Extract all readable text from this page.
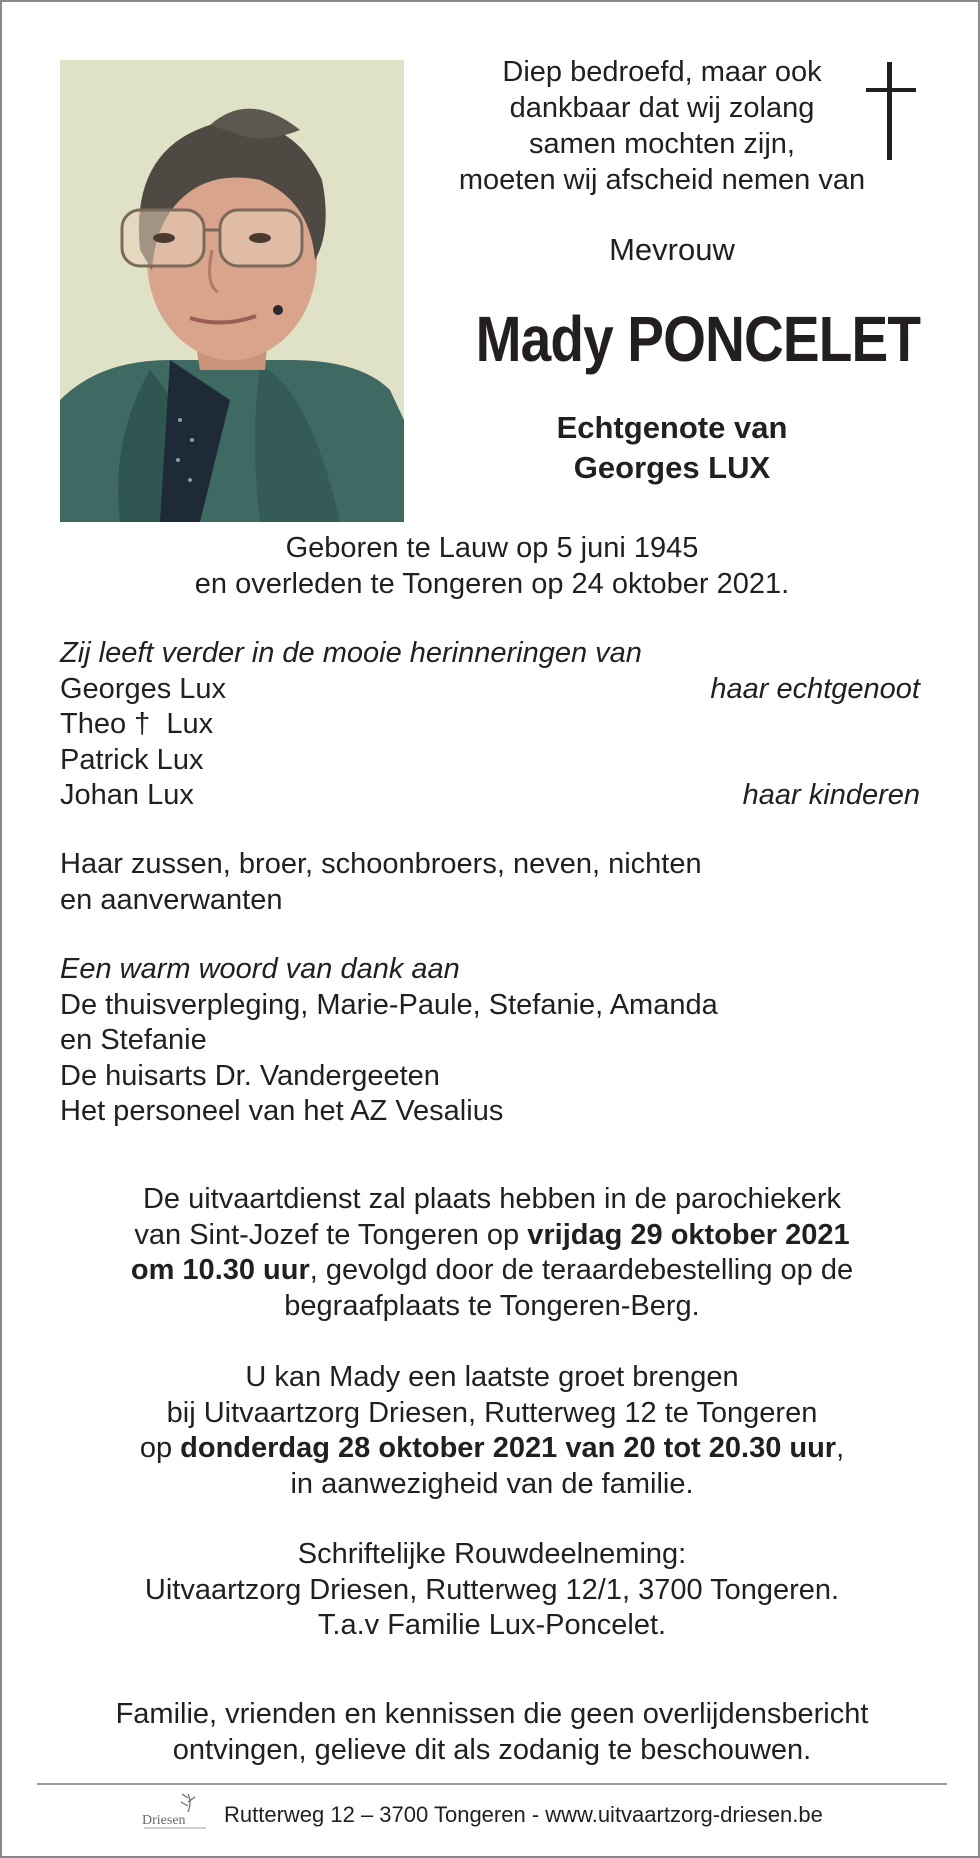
Diep bedroefd, maar ook
dankbaar dat wij zolang
samen mochten zijn,
moeten wij afscheid nemen van
Mevrouw
Mady PONCELET
Echtgenote van
Georges LUX
Geboren te Lauw op 5 juni 1945
en overleden te Tongeren op 24 oktober 2021.
Zij leeft verder in de mooie herinneringen van
Georges Lux	haar echtgenoot
Theo †  Lux
Patrick Lux
Johan Lux	haar kinderen
Haar zussen, broer, schoonbroers, neven, nichten
en aanverwanten
Een warm woord van dank aan
De thuisverpleging, Marie-Paule, Stefanie, Amanda
en Stefanie
De huisarts Dr. Vandergeeten
Het personeel van het AZ Vesalius
De uitvaartdienst zal plaats hebben in de parochiekerk
van Sint-Jozef te Tongeren op vrijdag 29 oktober 2021
om 10.30 uur, gevolgd door de teraardebestelling op de
begraafplaats te Tongeren-Berg.
U kan Mady een laatste groet brengen
bij Uitvaartzorg Driesen, Rutterweg 12 te Tongeren
op donderdag 28 oktober 2021 van 20 tot 20.30 uur,
in aanwezigheid van de familie.
Schriftelijke Rouwdeelneming:
Uitvaartzorg Driesen, Rutterweg 12/1, 3700 Tongeren.
T.a.v Familie Lux-Poncelet.
Familie, vrienden en kennissen die geen overlijdensbericht
ontvingen, gelieve dit als zodanig te beschouwen.
Driesen Rutterweg 12 – 3700 Tongeren - www.uitvaartzorg-driesen.be
